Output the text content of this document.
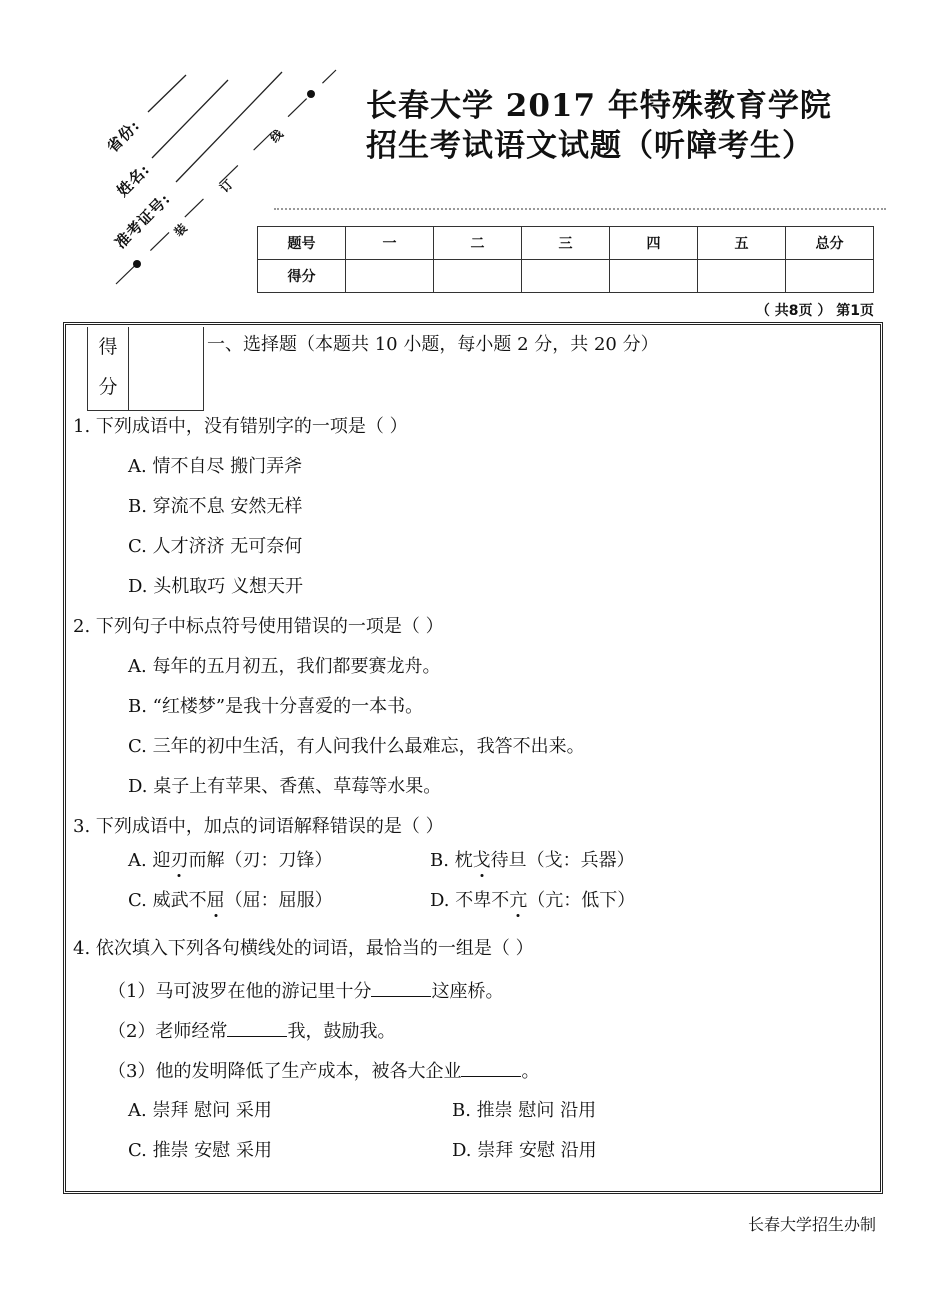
省份:
姓名:
准考证号:
装
订
线
长春大学 2017 年特殊教育学院
招生考试语文试题（听障考生）
题号	一	二	三	四	五	总分
得分						
（ 共8页 ） 第1页
得
分
一、选择题（本题共 10 小题，每小题 2 分，共 20 分）
1. 下列成语中，没有错别字的一项是（ ）
A. 情不自尽 搬门弄斧
B. 穿流不息 安然无样
C. 人才济济 无可奈何
D. 头机取巧 义想天开
2. 下列句子中标点符号使用错误的一项是（ ）
A. 每年的五月初五，我们都要赛龙舟。
B. “红楼梦”是我十分喜爱的一本书。
C. 三年的初中生活，有人问我什么最难忘，我答不出来。
D. 桌子上有苹果、香蕉、草莓等水果。
3. 下列成语中，加点的词语解释错误的是（ ）
A. 迎刃而解（刃：刀锋）	B. 枕戈待旦（戈：兵器）
C. 威武不屈（屈：屈服）	D. 不卑不亢（亢：低下）
4. 依次填入下列各句横线处的词语，最恰当的一组是（ ）
（1）马可波罗在他的游记里十分	这座桥。
（2）老师经常	我，鼓励我。
（3）他的发明降低了生产成本，被各大企业	。
A. 崇拜 慰问 采用	B. 推崇 慰问 沿用
C. 推崇 安慰 采用	D. 崇拜 安慰 沿用
长春大学招生办制
